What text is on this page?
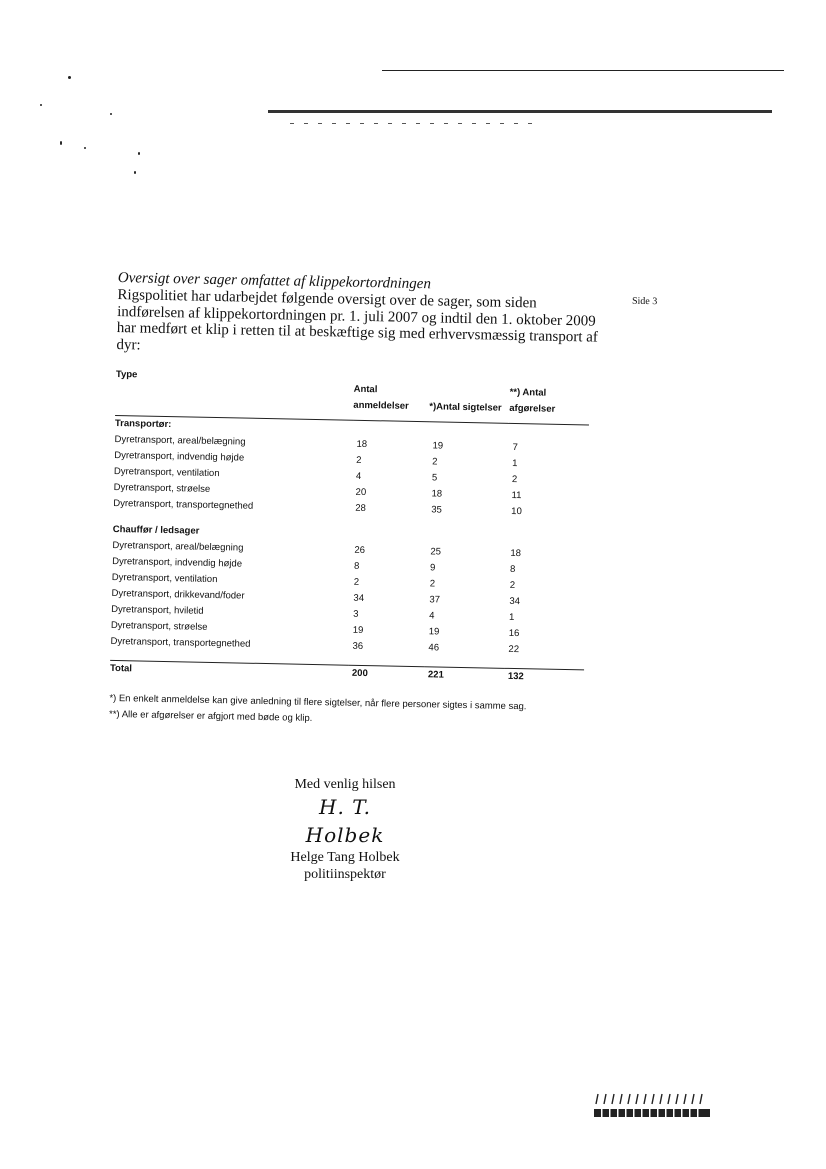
Side 3

Oversigt over sager omfattet af klippekortordningen

Rigspolitiet har udarbejdet følgende oversigt over de sager, som siden indførelsen af klippekortordningen pr. 1. juli 2007 og indtil den 1. oktober 2009 har medført et klip i retten til at beskæftige sig med erhvervsmæssig transport af dyr:

Type	Antal anmeldelser	*)Antal sigtelser	**) Antal afgørelser

Transportør:			
Dyretransport, areal/belægning	18	19	7
Dyretransport, indvendig højde	2	2	1
Dyretransport, ventilation	4	5	2
Dyretransport, strøelse	20	18	11
Dyretransport, transportegnethed	28	35	10

Chauffør / ledsager			
Dyretransport, areal/belægning	26	25	18
Dyretransport, indvendig højde	8	9	8
Dyretransport, ventilation	2	2	2
Dyretransport, drikkevand/foder	34	37	34
Dyretransport, hviletid	3	4	1
Dyretransport, strøelse	19	19	16
Dyretransport, transportegnethed	36	46	22

Total	200	221	132
*) En enkelt anmeldelse kan give anledning til flere sigtelser, når flere personer sigtes i samme sag.
**) Alle er afgørelser er afgjort med bøde og klip.
Med venlig hilsen
H. T. Holbek
Helge Tang Holbek
politiinspektør
